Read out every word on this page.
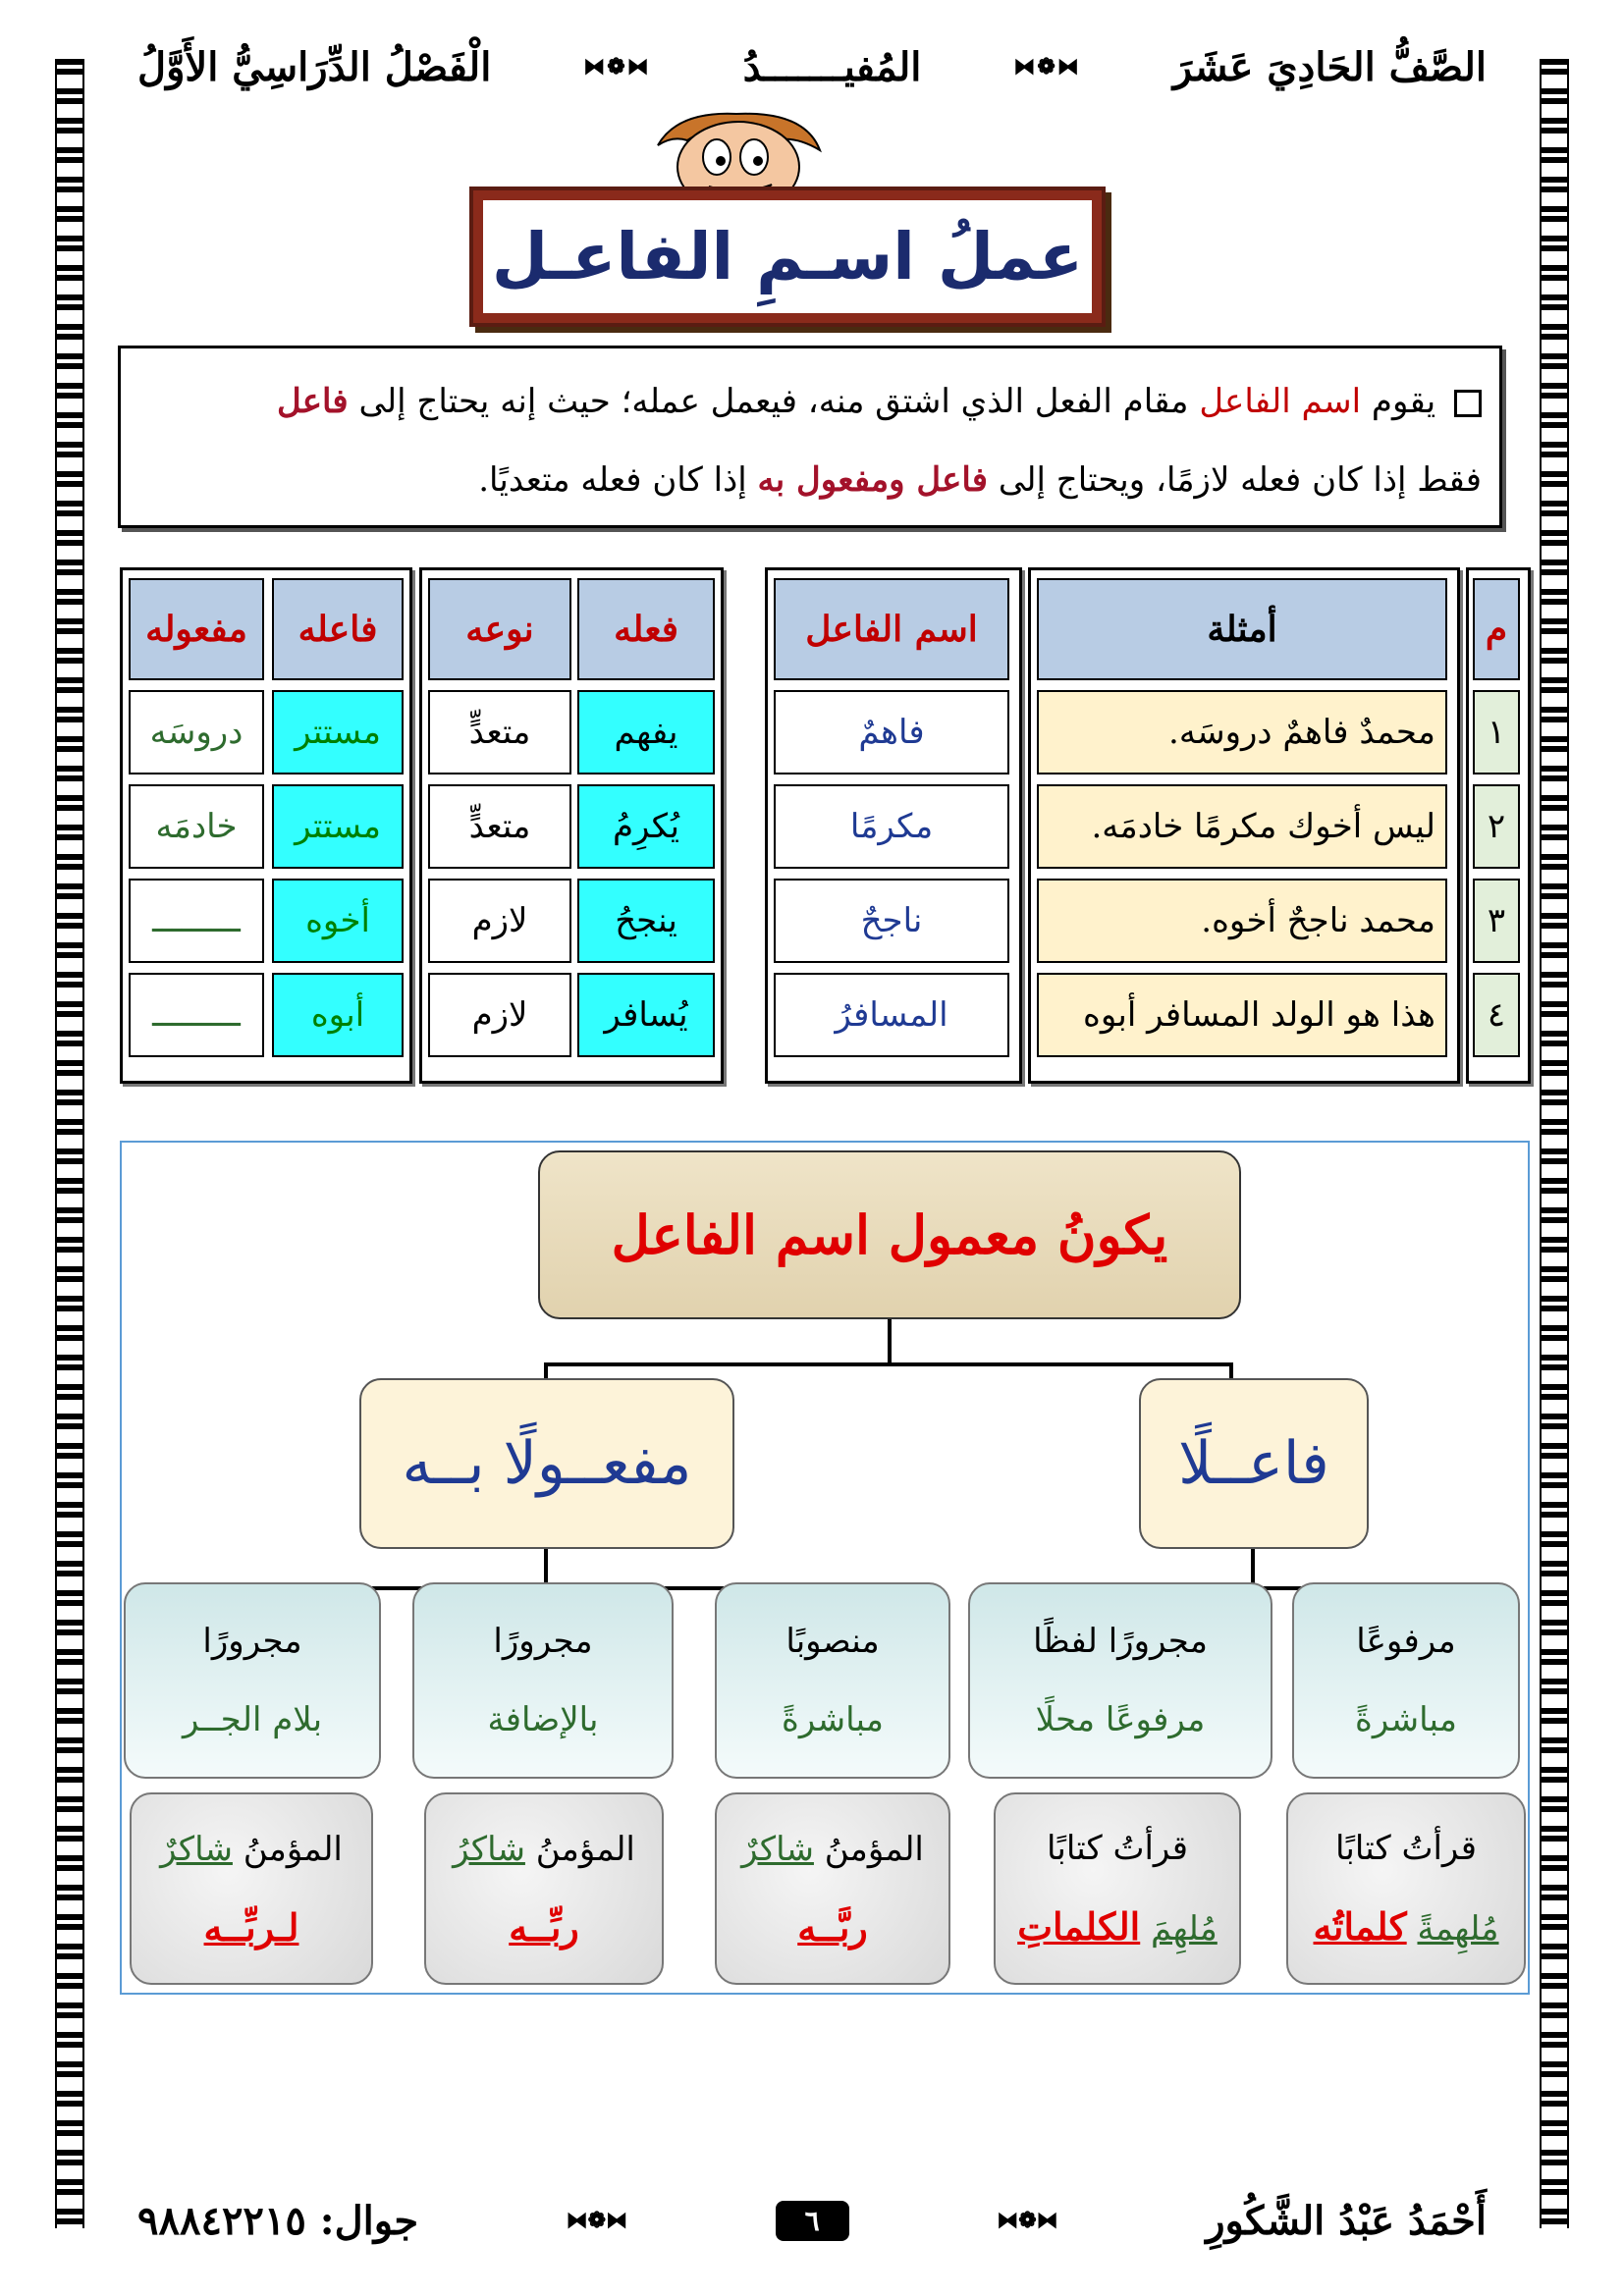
الصَّفُّ الحَادِيَ عَشَرَ
⧓❁⧓
المُفيـــــــدُ
⧓❁⧓
الْفَصْلُ الدِّرَاسِيُّ الأَوَّلُ
عملُ اسـمِ الفاعـل
يقوم اسم الفاعل مقام الفعل الذي اشتق منه، فيعمل عمله؛ حيث إنه يحتاج إلى فاعل
فقط إذا كان فعله لازمًا، ويحتاج إلى فاعل ومفعول به إذا كان فعله متعديًا.
م
١
٢
٣
٤
أمثلة
محمدٌ فاهمٌ دروسَه.
ليس أخوك مكرمًا خادمَه.
محمد ناجحٌ أخوه.
هذا هو الولد المسافر أبوه
اسم الفاعل
فاهمٌ
مكرمًا
ناجحٌ
المسافرُ
فعله
نوعه
يفهم
متعدٍّ
يُكرِمُ
متعدٍّ
ينجحُ
لازم
يُسافر
لازم
فاعله
مفعوله
مستتر
دروسَه
مستتر
خادمَه
أخوه
ـــــــــ
أبوه
ـــــــــ
يكونُ معمول اسم الفاعل
مفعــولًا بــه	فاعــلًا
مرفوعًا
مباشرةً
مجرورًا لفظًا
مرفوعًا محلًا
منصوبًا
مباشرةً
مجرورًا
بالإضافة
مجرورًا
بلام الجــر
قرأتُ كتابًا
مُلهِمةً كلماتُه
قرأتُ كتابًا
مُلهِمَ الكلماتِ
المؤمنُ شاكرٌ
ربَّــه
المؤمنُ شاكرُ
ربِّــه
المؤمنُ شاكرٌ
لـربِّــه
أَحْمَدُ عَبْدُ الشَّكُورِ
⧓❁⧓
٦
⧓❁⧓
جوال: ٩٨٨٤٢٢١٥
